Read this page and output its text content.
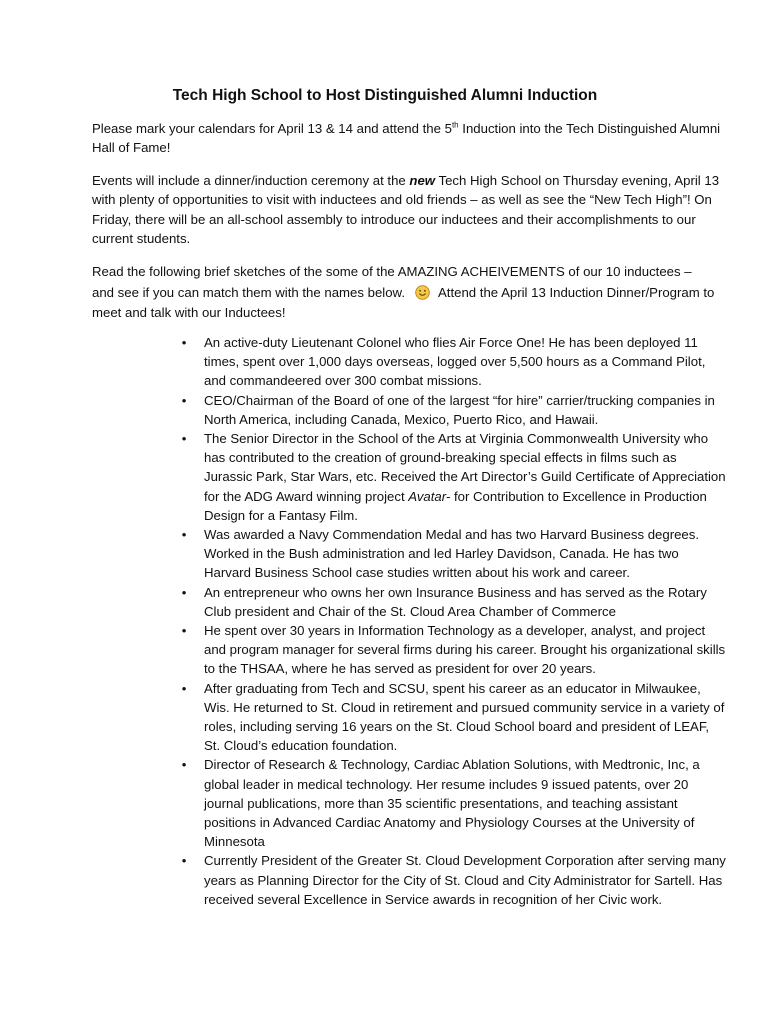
Tech High School to Host Distinguished Alumni Induction

Please mark your calendars for April 13 & 14 and attend the 5th Induction into the Tech Distinguished Alumni Hall of Fame!

Events will include a dinner/induction ceremony at the new Tech High School on Thursday evening, April 13 with plenty of opportunities to visit with inductees and old friends – as well as see the “New Tech High”! On Friday, there will be an all-school assembly to introduce our inductees and their accomplishments to our current students.

Read the following brief sketches of the some of the AMAZING ACHEIVEMENTS of our 10 inductees –
and see if you can match them with the names below.	Attend the April 13 Induction Dinner/Program to meet and talk with our Inductees!

• An active-duty Lieutenant Colonel who flies Air Force One! He has been deployed 11 times, spent over 1,000 days overseas, logged over 5,500 hours as a Command Pilot, and commandeered over 300 combat missions.
• CEO/Chairman of the Board of one of the largest “for hire” carrier/trucking companies in North America, including Canada, Mexico, Puerto Rico, and Hawaii.
• The Senior Director in the School of the Arts at Virginia Commonwealth University who has contributed to the creation of ground-breaking special effects in films such as Jurassic Park, Star Wars, etc. Received the Art Director’s Guild Certificate of Appreciation for the ADG Award winning project Avatar- for Contribution to Excellence in Production Design for a Fantasy Film.
• Was awarded a Navy Commendation Medal and has two Harvard Business degrees. Worked in the Bush administration and led Harley Davidson, Canada. He has two Harvard Business School case studies written about his work and career.
• An entrepreneur who owns her own Insurance Business and has served as the Rotary Club president and Chair of the St. Cloud Area Chamber of Commerce
• He spent over 30 years in Information Technology as a developer, analyst, and project and program manager for several firms during his career. Brought his organizational skills to the THSAA, where he has served as president for over 20 years.
• After graduating from Tech and SCSU, spent his career as an educator in Milwaukee, Wis. He returned to St. Cloud in retirement and pursued community service in a variety of roles, including serving 16 years on the St. Cloud School board and president of LEAF, St. Cloud’s education foundation.
• Director of Research & Technology, Cardiac Ablation Solutions, with Medtronic, Inc, a global leader in medical technology. Her resume includes 9 issued patents, over 20 journal publications, more than 35 scientific presentations, and teaching assistant positions in Advanced Cardiac Anatomy and Physiology Courses at the University of Minnesota
• Currently President of the Greater St. Cloud Development Corporation after serving many years as Planning Director for the City of St. Cloud and City Administrator for Sartell. Has received several Excellence in Service awards in recognition of her Civic work.
